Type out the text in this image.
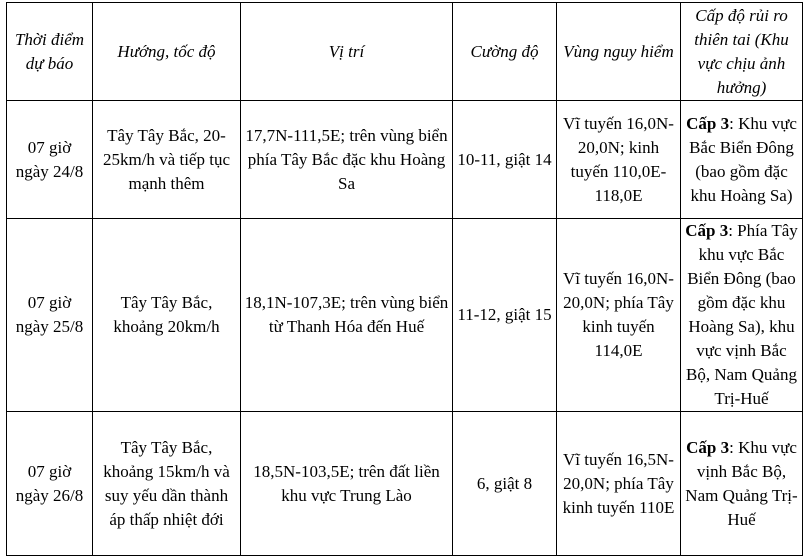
Thời điểm dự báo	Hướng, tốc độ	Vị trí	Cường độ	Vùng nguy hiểm	Cấp độ rủi ro thiên tai (Khu vực chịu ảnh hưởng)
07 giờ ngày 24/8	Tây Tây Bắc, 20-25km/h và tiếp tục mạnh thêm	17,7N-111,5E; trên vùng biển phía Tây Bắc đặc khu Hoàng Sa	10-11, giật 14	Vĩ tuyến 16,0N-20,0N; kinh tuyến 110,0E-118,0E	Cấp 3: Khu vực Bắc Biển Đông (bao gồm đặc khu Hoàng Sa)
07 giờ ngày 25/8	Tây Tây Bắc, khoảng 20km/h	18,1N-107,3E; trên vùng biển từ Thanh Hóa đến Huế	11-12, giật 15	Vĩ tuyến 16,0N-20,0N; phía Tây kinh tuyến 114,0E	Cấp 3: Phía Tây khu vực Bắc Biển Đông (bao gồm đặc khu Hoàng Sa), khu vực vịnh Bắc Bộ, Nam Quảng Trị-Huế
07 giờ ngày 26/8	Tây Tây Bắc, khoảng 15km/h và suy yếu dần thành áp thấp nhiệt đới	18,5N-103,5E; trên đất liền khu vực Trung Lào	6, giật 8	Vĩ tuyến 16,5N-20,0N; phía Tây kinh tuyến 110E	Cấp 3: Khu vực vịnh Bắc Bộ, Nam Quảng Trị-Huế
